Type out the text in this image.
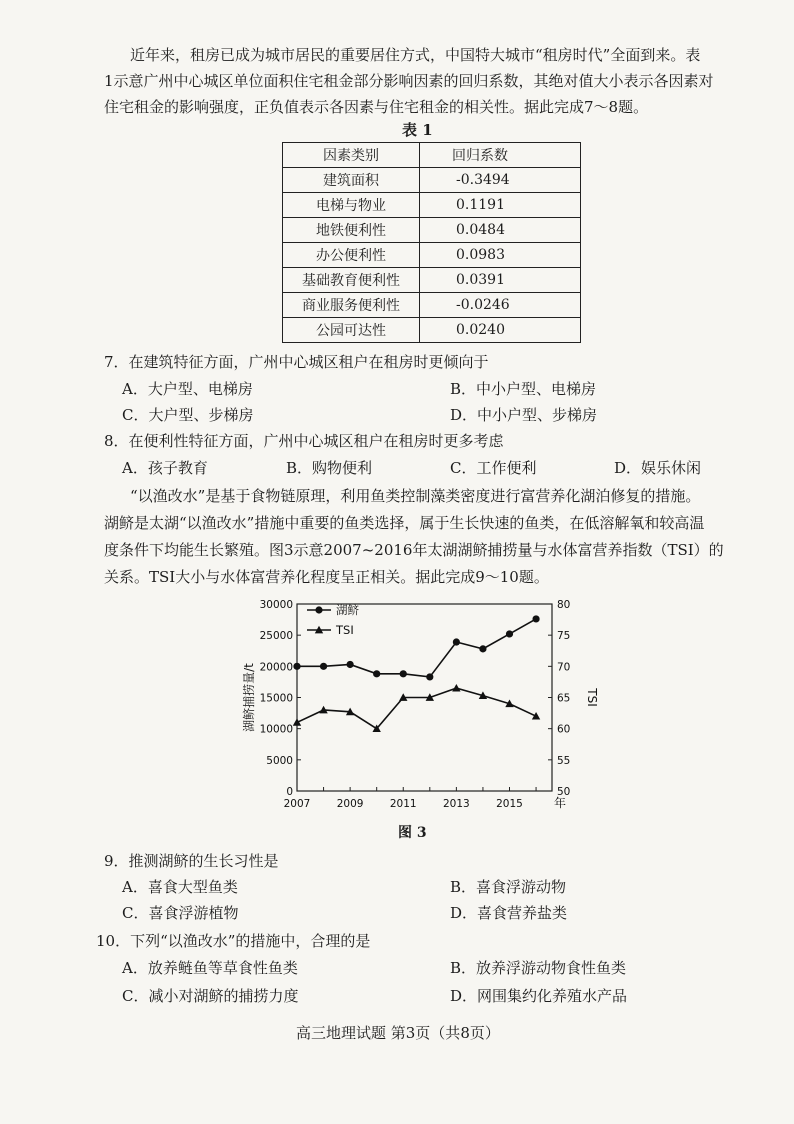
近年来，租房已成为城市居民的重要居住方式，中国特大城市“租房时代”全面到来。表
1示意广州中心城区单位面积住宅租金部分影响因素的回归系数，其绝对值大小表示各因素对
住宅租金的影响强度，正负值表示各因素与住宅租金的相关性。据此完成7～8题。
表 1
因素类别	回归系数
建筑面积	-0.3494
电梯与物业	0.1191
地铁便利性	0.0484
办公便利性	0.0983
基础教育便利性	0.0391
商业服务便利性	-0.0246
公园可达性	0.0240
7．在建筑特征方面，广州中心城区租户在租房时更倾向于
A．大户型、电梯房	B．中小户型、电梯房
C．大户型、步梯房	D．中小户型、步梯房
8．在便利性特征方面，广州中心城区租户在租房时更多考虑
A．孩子教育	B．购物便利	C．工作便利	D．娱乐休闲
“以渔改水”是基于食物链原理，利用鱼类控制藻类密度进行富营养化湖泊修复的措施。
湖鲚是太湖“以渔改水”措施中重要的鱼类选择，属于生长快速的鱼类，在低溶解氧和较高温
度条件下均能生长繁殖。图3示意2007~2016年太湖湖鲚捕捞量与水体富营养指数（TSI）的
关系。TSI大小与水体富营养化程度呈正相关。据此完成9～10题。
0
5000
10000
15000
20000
25000
30000
50
55
60
65
70
75
80
2007	2009	2011	2013	2015	年
湖鲚捕捞量/t	TSI
湖鲚
TSI
图 3
9．推测湖鲚的生长习性是
A．喜食大型鱼类	B．喜食浮游动物
C．喜食浮游植物	D．喜食营养盐类
10．下列“以渔改水”的措施中，合理的是
A．放养鲢鱼等草食性鱼类	B．放养浮游动物食性鱼类
C．减小对湖鲚的捕捞力度	D．网围集约化养殖水产品
高三地理试题 第3页（共8页）
